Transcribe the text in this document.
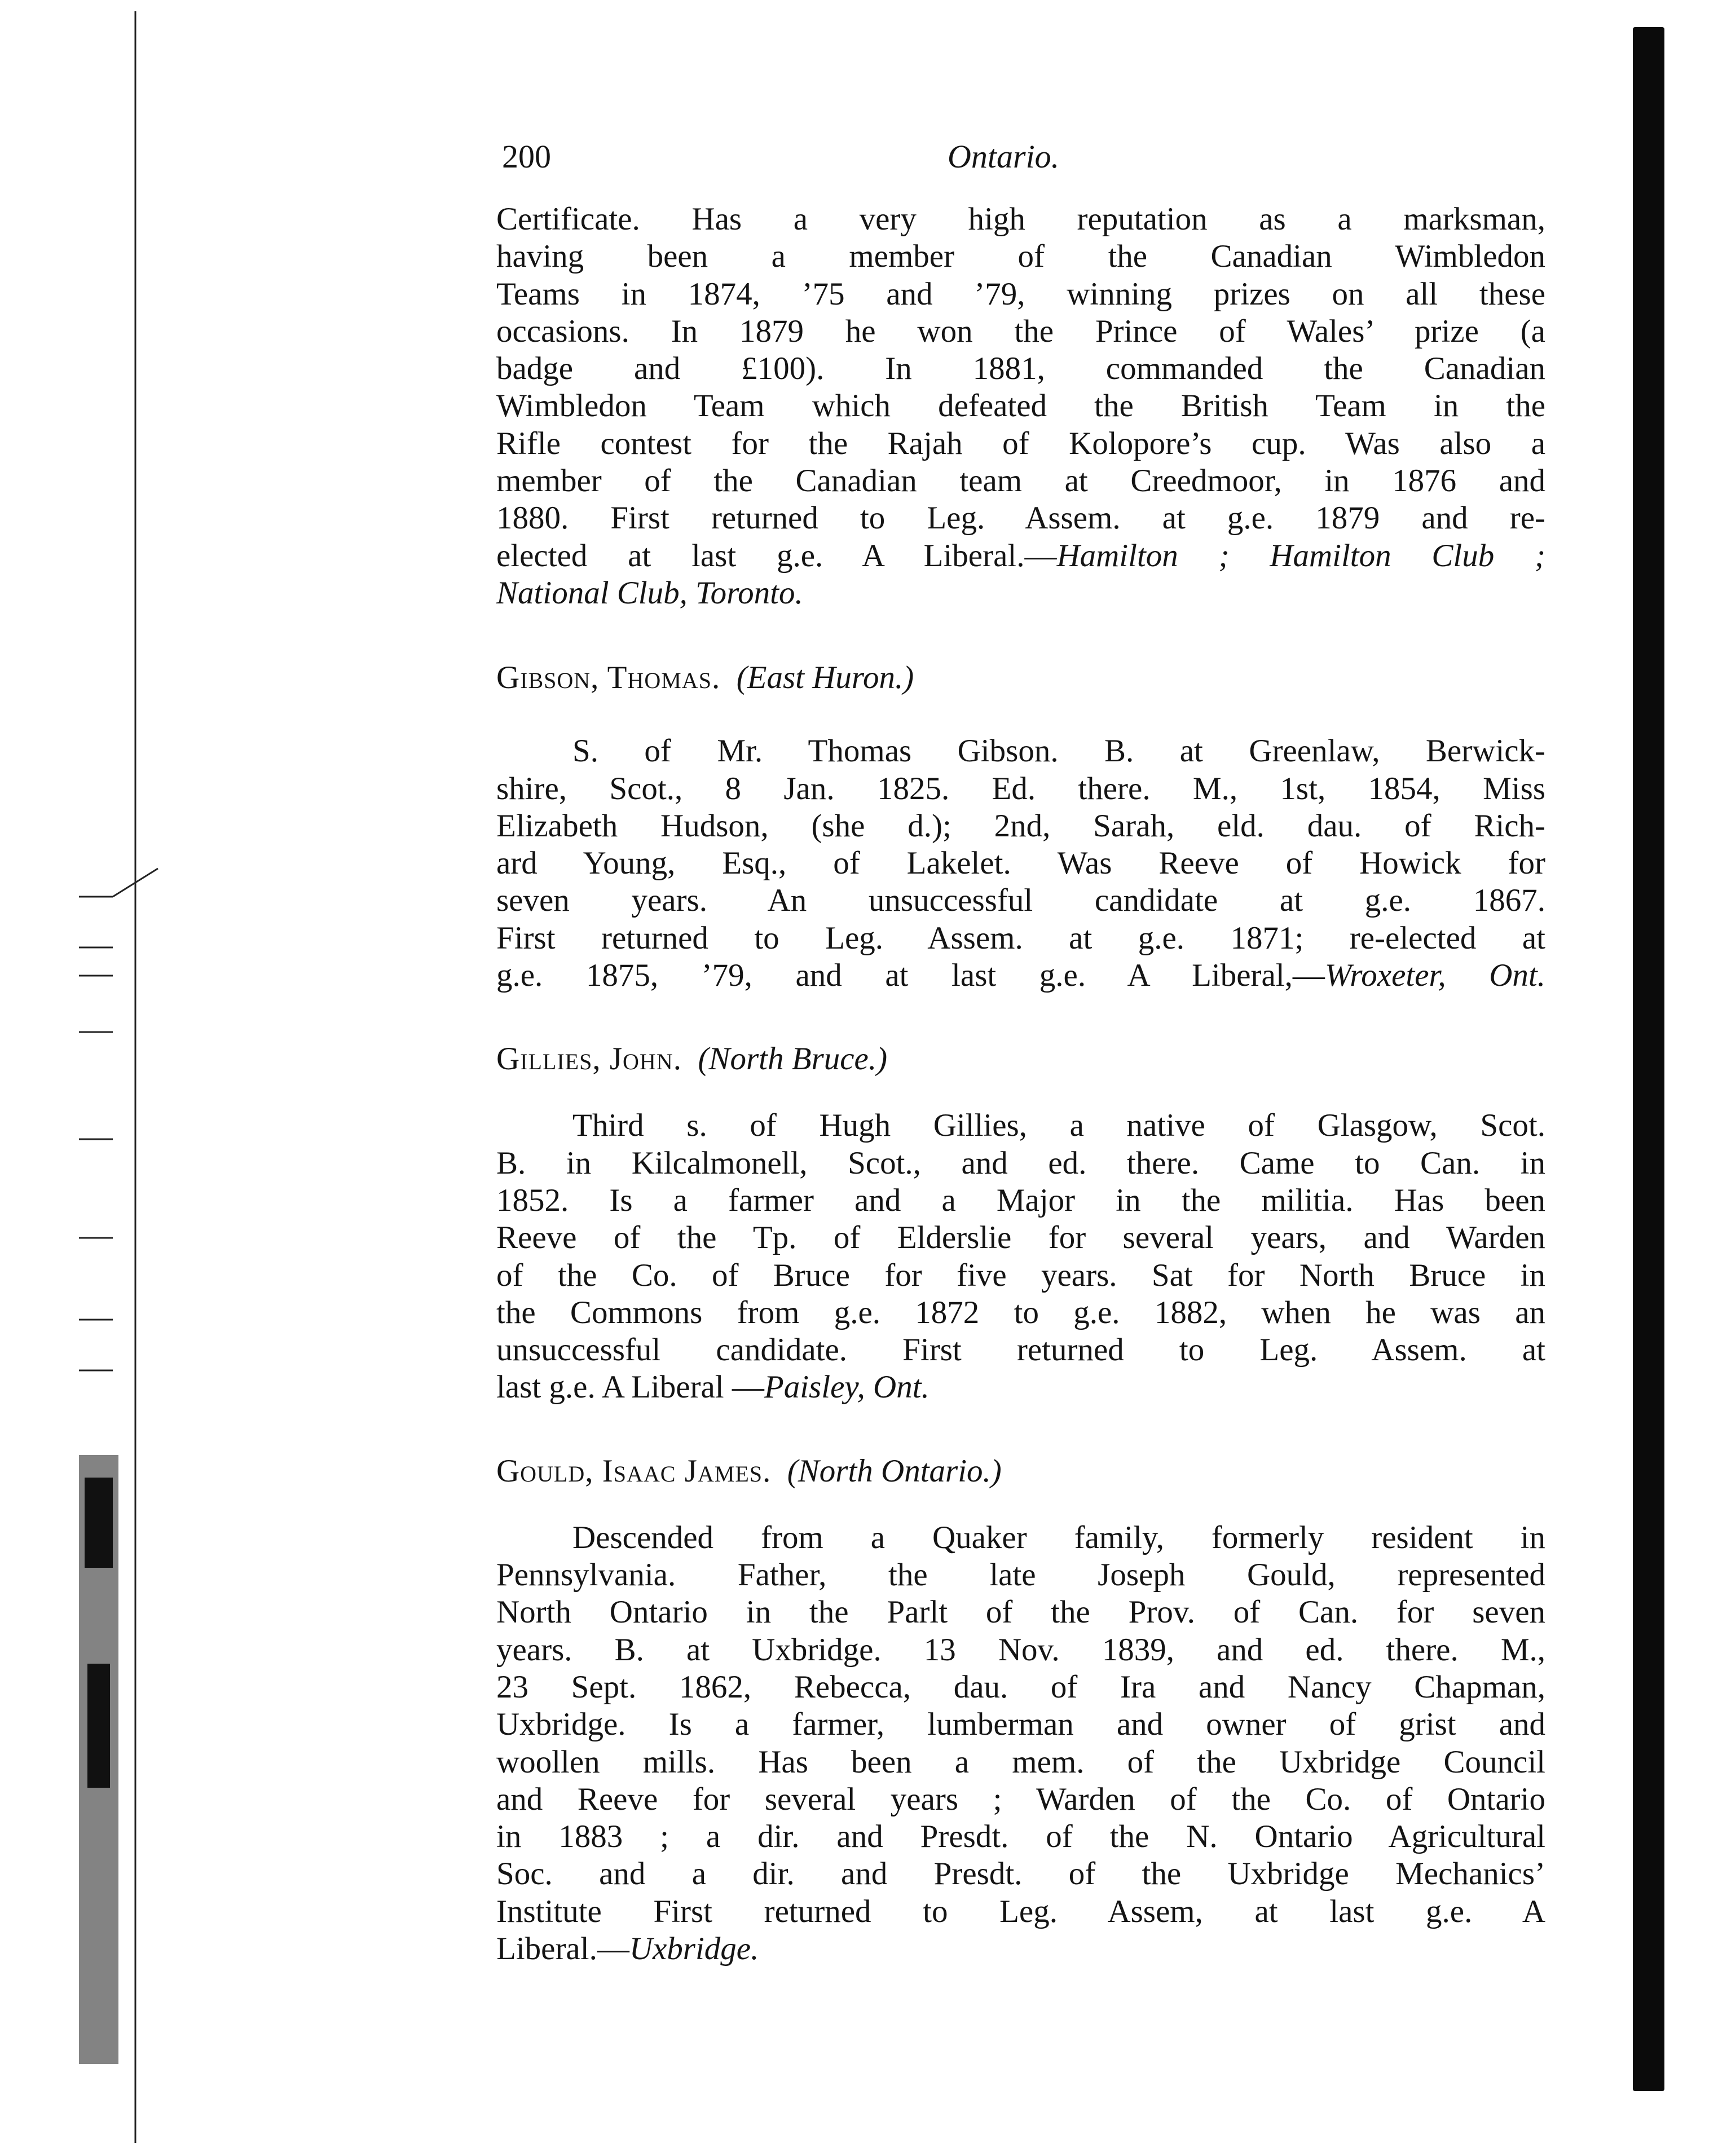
200	Ontario.

Certificate. Has a very high reputation as a marksman,
having been a member of the Canadian Wimbledon
Teams in 1874, ’75 and ’79, winning prizes on all these
occasions. In 1879 he won the Prince of Wales’ prize (a
badge and £100). In 1881, commanded the Canadian
Wimbledon Team which defeated the British Team in the
Rifle contest for the Rajah of Kolopore’s cup. Was also a
member of the Canadian team at Creedmoor, in 1876 and
1880. First returned to Leg. Assem. at g.e. 1879 and re-
elected at last g.e. A Liberal.—Hamilton ; Hamilton Club ;
National Club, Toronto.

Gibson, Thomas. (East Huron.)

S. of Mr. Thomas Gibson. B. at Greenlaw, Berwick-
shire, Scot., 8 Jan. 1825. Ed. there. M., 1st, 1854, Miss
Elizabeth Hudson, (she d.); 2nd, Sarah, eld. dau. of Rich-
ard Young, Esq., of Lakelet. Was Reeve of Howick for
seven years. An unsuccessful candidate at g.e. 1867.
First returned to Leg. Assem. at g.e. 1871; re-elected at
g.e. 1875, ’79, and at last g.e. A Liberal,—Wroxeter, Ont.

Gillies, John. (North Bruce.)

Third s. of Hugh Gillies, a native of Glasgow, Scot.
B. in Kilcalmonell, Scot., and ed. there. Came to Can. in
1852. Is a farmer and a Major in the militia. Has been
Reeve of the Tp. of Elderslie for several years, and Warden
of the Co. of Bruce for five years. Sat for North Bruce in
the Commons from g.e. 1872 to g.e. 1882, when he was an
unsuccessful candidate. First returned to Leg. Assem. at
last g.e. A Liberal —Paisley, Ont.

Gould, Isaac James. (North Ontario.)

Descended from a Quaker family, formerly resident in
Pennsylvania. Father, the late Joseph Gould, represented
North Ontario in the Parlt of the Prov. of Can. for seven
years. B. at Uxbridge. 13 Nov. 1839, and ed. there. M.,
23 Sept. 1862, Rebecca, dau. of Ira and Nancy Chapman,
Uxbridge. Is a farmer, lumberman and owner of grist and
woollen mills. Has been a mem. of the Uxbridge Council
and Reeve for several years ; Warden of the Co. of Ontario
in 1883 ; a dir. and Presdt. of the N. Ontario Agricultural
Soc. and a dir. and Presdt. of the Uxbridge Mechanics’
Institute First returned to Leg. Assem, at last g.e. A
Liberal.—Uxbridge.
